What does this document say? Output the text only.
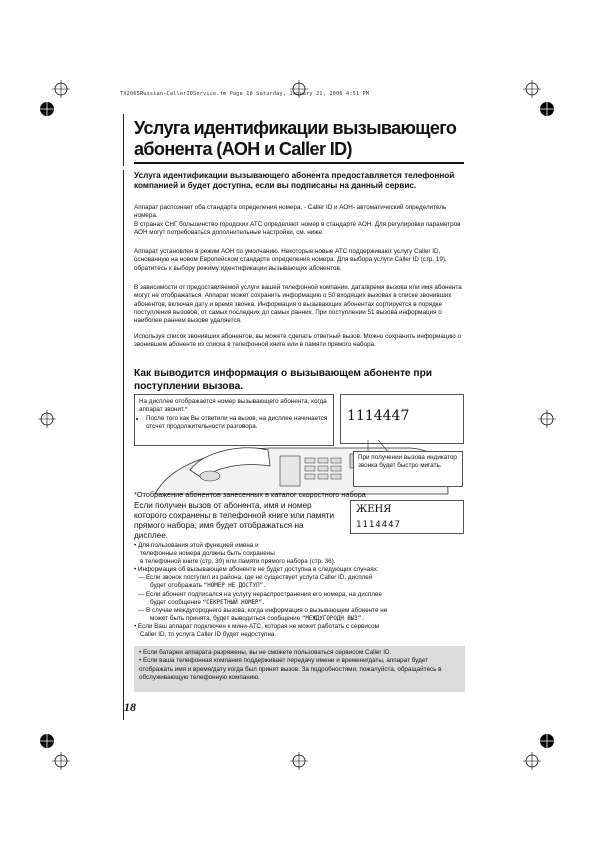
TX2065Russian-CallerIDService.fm Page 18 Saturday, January 21, 2006 4:51 PM
Услуга идентификации вызывающего абонента (АОН и Caller ID)
Услуга идентификации вызывающего абонента предоставляется телефонной компанией и будет доступна, если вы подписаны на данный сервис.
Аппарат распознает оба стандарта определения номера, - Caller ID и АОН- автоматический определитель номера.
В странах СНГ большинство городских АТС определяют номер в стандарте АОН. Для регулировки параметров АОН могут потребоваться дополнительные настройки, см. ниже.
Аппарат установлен в режим АОН по умолчанию. Некоторые новые АТС поддерживают услугу Caller ID, основанную на новом Европейском стандарте определения номера. Для выбора услуги Caller ID (стр. 19), обратитесь к выбору режиму идентификации вызывающих абонентов.
В зависимости от предоставляемой услуги вашей телефонной компании, дата/время вызова или имя абонента могут не отображаться. Аппарат может сохранить информацию о 50 входящих вызовах в списке звонивших абонентов, включая дату и время звонка. Информация о вызывающих абонентах сортируется в порядке поступления вызовов, от самых последних до самых ранних. При поступлении 51 вызова информация о наиболее раннем вызове удаляется.
Используя список звонивших абонентов, вы можете сделать ответный вызов. Можно сохранить информацию о звонившем абоненте из списка в телефонной книге или в памяти прямого набора.
Как выводится информация о вызывающем абоненте при поступлении вызова.
На дисплее отображается номер вызывающего абонента, когда аппарат звонит.*
• После того как Вы ответили на вызов, на дисплее начинается отсчет продолжительности разговора.
1114447
При получении вызова индикатор звонка будет быстро мигать.
*Отображение абонентов занесенных в каталог скоростного набора
Если получен вызов от абонента, имя и номер которого сохранены в телефонной книге или памяти прямого набора, имя будет отображаться на дисплее.
ЖЕНЯ
1114447

• Для пользования этой функцией имена и

телефонные номера должны быть сохранены

в телефонной книге (стр. 30) или памяти прямого набора (стр. 36).

• Информация об вызывающем абоненте не будет доступна в следующих случаях:

— Если звонок поступил из района, где не существует услуга Caller ID, дисплей

будет отображать “НОМЕР НЕ ДОСТУП”.

— Если абонент подписался на услугу нераспространения его номера, на дисплее

будет сообщение “СЕКРЕТНЫЙ НОМЕР”.

— В случае междугороднего вызова, когда информация о вызывающем абоненте не

может быть принята, будет выводиться сообщение “МЕЖДУГОРОДН ВЫЗ”.

• Если Ваш аппарат подключен к мини-АТС, которая не может работать с сервисом

Caller ID, то услуга Caller ID будет недоступна.

• Если батареи аппарата разряжены, вы не сможете пользоваться сервисом Caller ID.

• Если ваша телефонная компания поддерживает передачу имени и времени/даты, аппарат будет отображать имя и время/дату когда был принят вызов. За подробностями, пожалуйста, обращайтесь в обслуживающую телефонную компанию.

18
